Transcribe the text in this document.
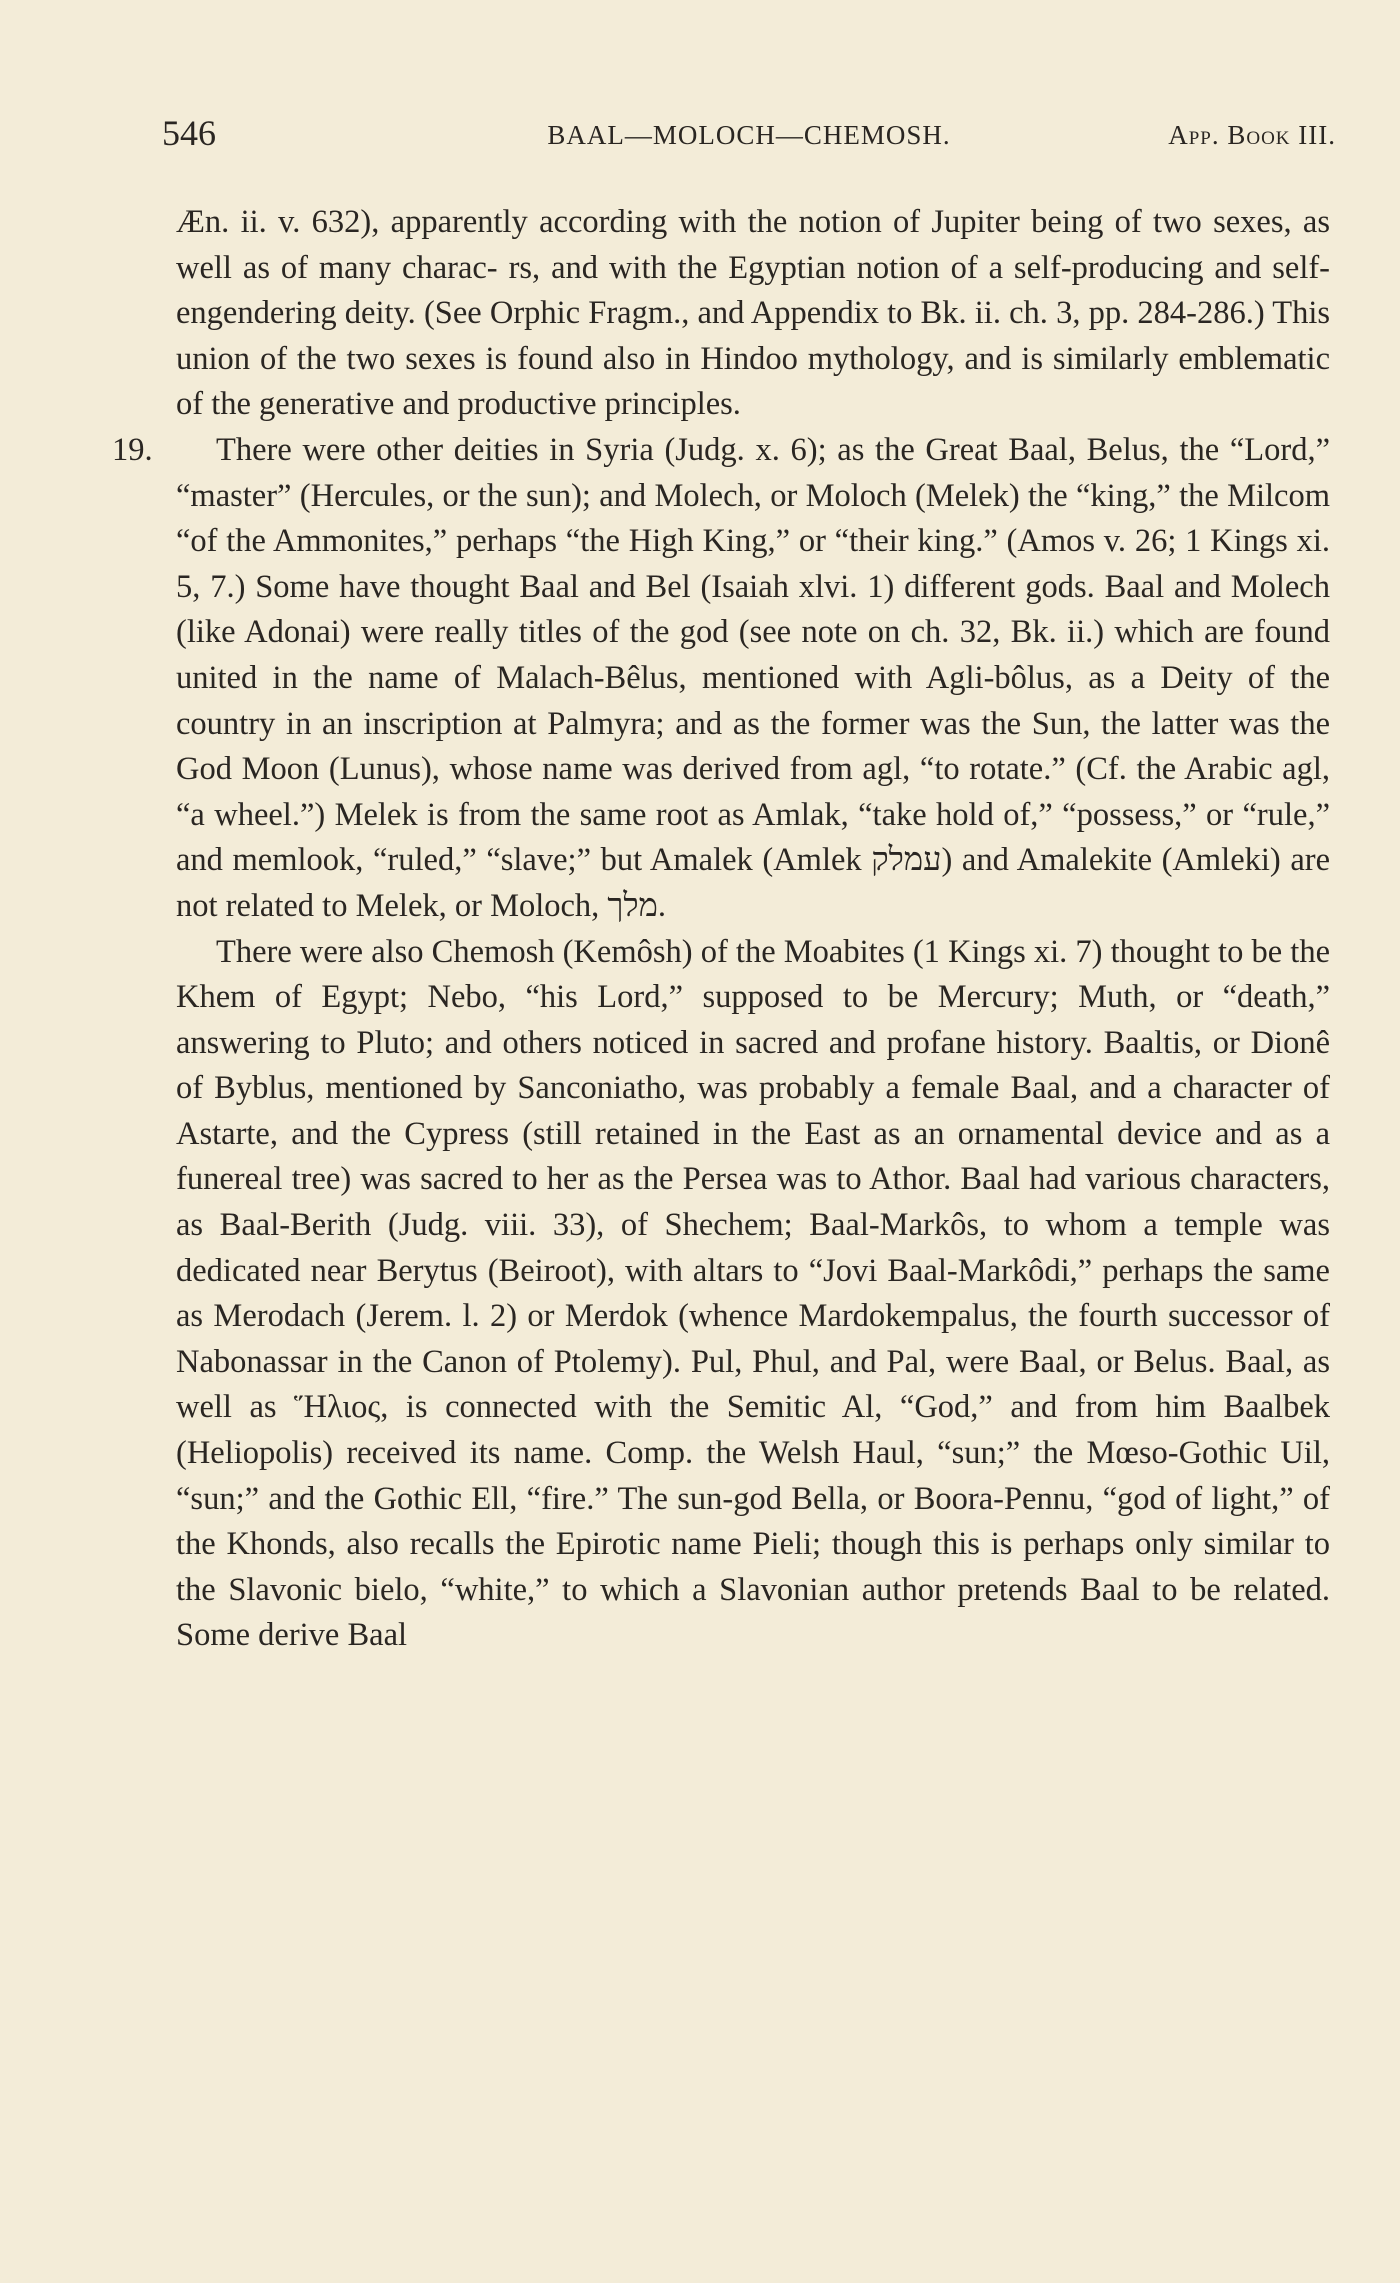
546	BAAL—MOLOCH—CHEMOSH.	App. Book III.

Æn. ii. v. 632), apparently according with the notion of Jupiter being of two sexes, as well as of many charac‐ rs, and with the Egyptian notion of a self-producing and self-engendering deity. (See Orphic Fragm., and Appendix to Bk. ii. ch. 3, pp. 284-286.) This union of the two sexes is found also in Hindoo mythology, and is similarly emblematic of the generative and productive principles.

19.	There were other deities in Syria (Judg. x. 6); as the Great Baal, Belus, the “Lord,” “master” (Hercules, or the sun); and Molech, or Moloch (Melek) the “king,” the Milcom “of the Ammonites,” perhaps “the High King,” or “their king.” (Amos v. 26; 1 Kings xi. 5, 7.) Some have thought Baal and Bel (Isaiah xlvi. 1) different gods. Baal and Molech (like Adonai) were really titles of the god (see note on ch. 32, Bk. ii.) which are found united in the name of Malach-Bêlus, mentioned with Agli-bôlus, as a Deity of the country in an inscription at Palmyra; and as the former was the Sun, the latter was the God Moon (Lunus), whose name was derived from agl, “to rotate.” (Cf. the Arabic agl, “a wheel.”) Melek is from the same root as Amlak, “take hold of,” “possess,” or “rule,” and memlook, “ruled,” “slave;” but Amalek (Amlek עמלק) and Amalekite (Amleki) are not related to Melek, or Moloch, מלך.

There were also Chemosh (Kemôsh) of the Moabites (1 Kings xi. 7) thought to be the Khem of Egypt; Nebo, “his Lord,” supposed to be Mercury; Muth, or “death,” answering to Pluto; and others noticed in sacred and profane history. Baaltis, or Dionê of Byblus, mentioned by Sanconiatho, was probably a female Baal, and a character of Astarte, and the Cypress (still retained in the East as an ornamental device and as a funereal tree) was sacred to her as the Persea was to Athor. Baal had various characters, as Baal-Berith (Judg. viii. 33), of Shechem; Baal-Markôs, to whom a temple was dedicated near Berytus (Beiroot), with altars to “Jovi Baal-Markôdi,” perhaps the same as Merodach (Jerem. l. 2) or Merdok (whence Mardokempalus, the fourth successor of Nabonassar in the Canon of Ptolemy). Pul, Phul, and Pal, were Baal, or Belus. Baal, as well as Ἥλιος, is connected with the Semitic Al, “God,” and from him Baalbek (Heliopolis) received its name. Comp. the Welsh Haul, “sun;” the Mœso-Gothic Uil, “sun;” and the Gothic Ell, “fire.” The sun-god Bella, or Boora-Pennu, “god of light,” of the Khonds, also recalls the Epirotic name Pieli; though this is perhaps only similar to the Slavonic bielo, “white,” to which a Slavonian author pretends Baal to be related. Some derive Baal
